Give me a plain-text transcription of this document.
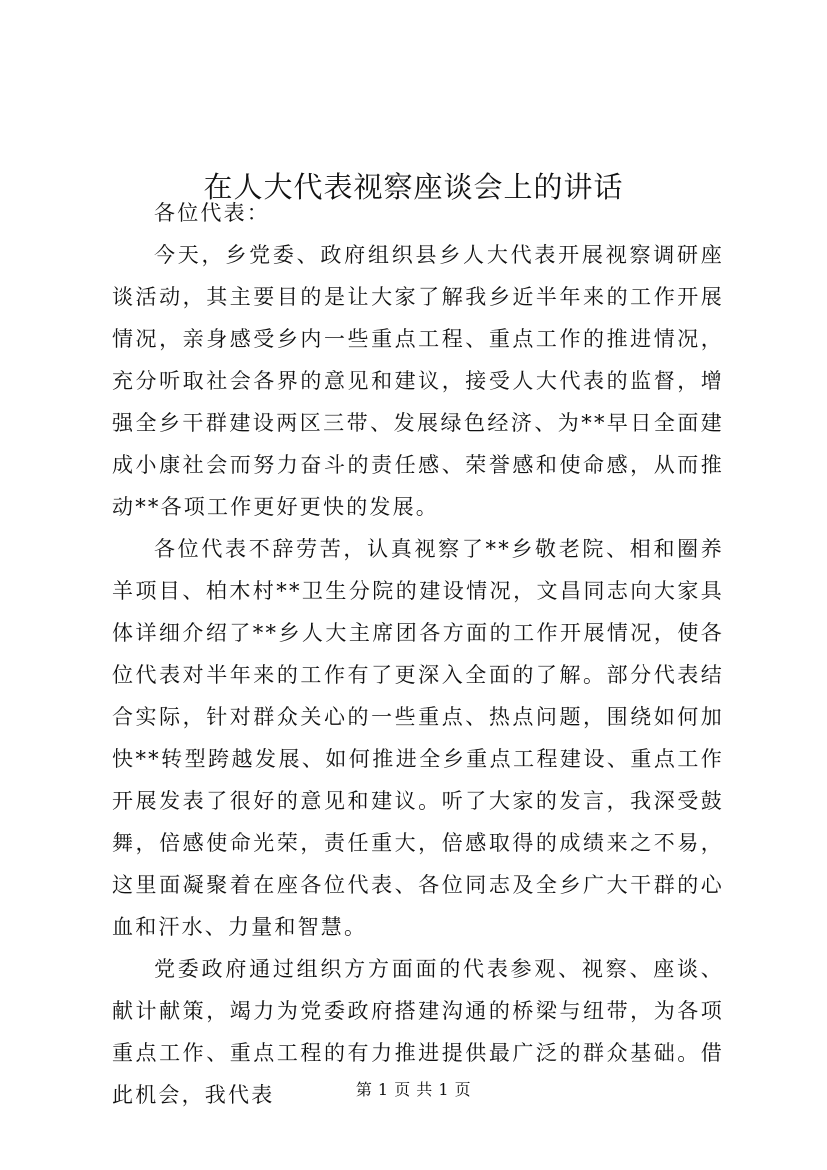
在人大代表视察座谈会上的讲话

各位代表：

今天，乡党委、政府组织县乡人大代表开展视察调研座谈活动，其主要目的是让大家了解我乡近半年来的工作开展情况，亲身感受乡内一些重点工程、重点工作的推进情况，充分听取社会各界的意见和建议，接受人大代表的监督，增强全乡干群建设两区三带、发展绿色经济、为**早日全面建成小康社会而努力奋斗的责任感、荣誉感和使命感，从而推动**各项工作更好更快的发展。

各位代表不辞劳苦，认真视察了**乡敬老院、相和圈养羊项目、柏木村**卫生分院的建设情况，文昌同志向大家具体详细介绍了**乡人大主席团各方面的工作开展情况，使各位代表对半年来的工作有了更深入全面的了解。部分代表结合实际，针对群众关心的一些重点、热点问题，围绕如何加快**转型跨越发展、如何推进全乡重点工程建设、重点工作开展发表了很好的意见和建议。听了大家的发言，我深受鼓舞，倍感使命光荣，责任重大，倍感取得的成绩来之不易，这里面凝聚着在座各位代表、各位同志及全乡广大干群的心血和汗水、力量和智慧。

党委政府通过组织方方面面的代表参观、视察、座谈、献计献策，竭力为党委政府搭建沟通的桥梁与纽带，为各项重点工作、重点工程的有力推进提供最广泛的群众基础。借此机会，我代表	第 1 页 共 1 页
